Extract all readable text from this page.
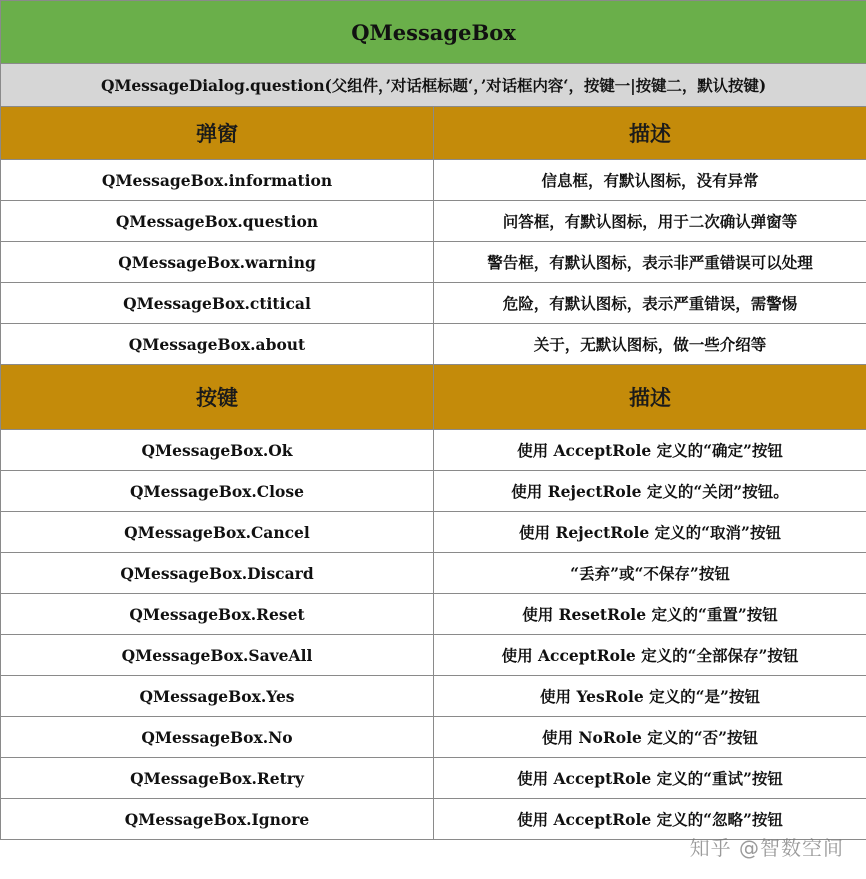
QMessageBox	
QMessageDialog.question(父组件，’对话框标题‘，’对话框内容‘，按键一|按键二，默认按键)	
弹窗	描述
QMessageBox.information	信息框，有默认图标，没有异常
QMessageBox.question	问答框，有默认图标，用于二次确认弹窗等
QMessageBox.warning	警告框，有默认图标，表示非严重错误可以处理
QMessageBox.ctitical	危险，有默认图标，表示严重错误，需警惕
QMessageBox.about	关于，无默认图标，做一些介绍等
按键	描述
QMessageBox.Ok	使用 AcceptRole 定义的“确定”按钮
QMessageBox.Close	使用 RejectRole 定义的“关闭”按钮。
QMessageBox.Cancel	使用 RejectRole 定义的“取消”按钮
QMessageBox.Discard	“丢弃”或“不保存”按钮
QMessageBox.Reset	使用 ResetRole 定义的“重置”按钮
QMessageBox.SaveAll	使用 AcceptRole 定义的“全部保存”按钮
QMessageBox.Yes	使用 YesRole 定义的“是”按钮
QMessageBox.No	使用 NoRole 定义的“否”按钮
QMessageBox.Retry	使用 AcceptRole 定义的“重试”按钮
QMessageBox.Ignore	使用 AcceptRole 定义的“忽略”按钮
知乎 @智数空间
